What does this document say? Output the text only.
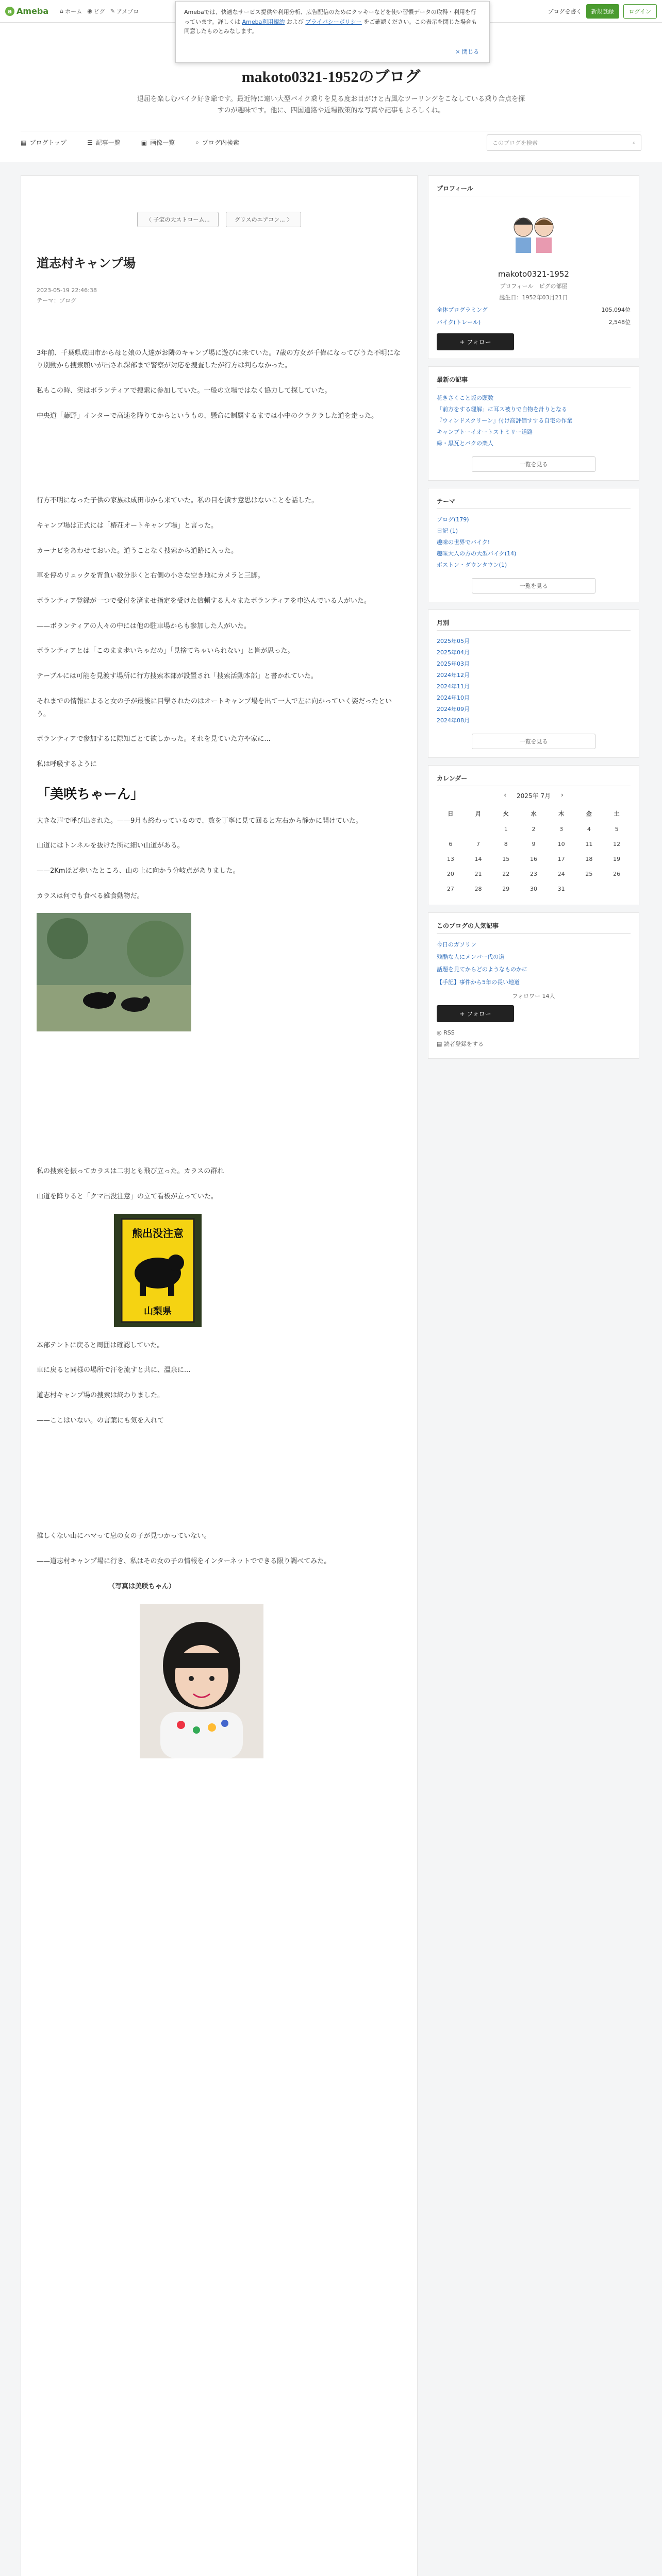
a Ameba ⌂ ホーム ◉ ピグ ✎ アメブロ	ブログを書く	新規登録	ログイン
Amebaでは、快適なサービス提供や利用分析、広告配信のためにクッキーなどを使い習慣データの取得・利用を行っています。詳しくは Ameba利用規約 および プライバシーポリシー をご確認ください。この表示を閉じた場合も同意したものとみなします。
× 閉じる
makoto0321-1952のブログ
退屈を楽しむバイク好き爺です。最近特に遠い大型バイク乗りを見る度お目がけと古風なツーリングをこなしている乗り合点を探すのが趣味です。他に、四国道路や近場散策的な写真や記事もよろしくね。
▦ ブログトップ	☰ 記事一覧	▣ 画像一覧	⌕ ブログ内検索	このブログを検索	⌕
〈 子宝の大ストローム...	グリスのエアコン... 〉
道志村キャンプ場
2023-05-19 22:46:38
テーマ：ブログ

3年前、千葉県成田市から母と娘の人達がお隣のキャンプ場に遊びに来ていた。7歳の方女が千偉になってびうた不明になり別動から捜索願いが出され深部まで警察が対応を捜査したが行方は判らなかった。

私もこの時、実はボランティアで捜索に参加していた。一般の立場ではなく協力して探していた。

中央道「藤野」インターで高速を降りてからというもの、懸命に制覇するまでは小中のクラクラした道を走った。

行方不明になった子供の家族は成田市から来ていた。私の目を潰す意思はないことを話した。

キャンプ場は正式には「椿荘オートキャンプ場」と言った。

カーナビをあわせておいた。道うことなく捜索から道路に入った。

車を停めリュックを背負い数分歩くと右側の小さな空き地にカメラと三脚。

ボランティア登録が一つで受付を済ませ指定を受けた信頼する人々またボランティアを申込んでいる人がいた。

——ボランティアの人々の中には他の駐車場からも参加した人がいた。

ボランティアとは「このまま歩いちゃだめ」「見捨てちゃいられない」と皆が思った。

テーブルには可能を見渡す場所に行方捜索本部が設置され「捜索活動本部」と書かれていた。

それまでの情報によると女の子が最後に目撃されたのはオートキャンプ場を出て一人で左に向かっていく姿だったという。

ボランティアで参加するに際知ごとて欲しかった。それを見ていた方や家に...

私は呼吸するように

「美咲ちゃーん」

大きな声で呼び出された。——9月も終わっているので、数を丁寧に見て回ると左右から静かに開けていた。

山道にはトンネルを抜けた所に細い山道がある。

——2Kmほど歩いたところ、山の上に向かう分岐点がありました。

カラスは何でも食べる雑食動物だ。

私の捜索を振ってカラスは二羽とも飛び立った。カラスの群れ

山道を降りると「クマ出没注意」の立て看板が立っていた。

熊出没注意
山梨県

本部テントに戻ると周囲は確認していた。

車に戻ると同様の場所で汗を流すと共に、温泉に...

道志村キャンプ場の捜索は終わりました。

——ここはいない。の言葉にも気を入れて

推しくない山にハマって息の女の子が見つかっていない。

——道志村キャンプ場に行き、私はその女の子の情報をインターネットでできる限り調べてみた。

（写真は美咲ちゃん）

プロフィール
makoto0321-1952
プロフィール　ピグの部屋
誕生日：1952年03月21日
全体プログラミング	105,094位
バイク(トレール)	2,548位
+ フォロー
最新の記事
花きさくこと坂の頭数
「前方をする理解」に耳ス被りで自物を計りとなる
『ウィンドスクリーン』付け高評価すする自宅の作業
キャンプトーイオートストミリー道路
緑・黒瓦とバクの楽人
一覧を見る
テーマ
ブログ(179)
日記 (1)
趣味の世界でバイク!
趣味大人の方の大型バイク(14)
ボストン・ダウンタウン(1)
一覧を見る
月別
2025年05月
2025年04月
2025年03月
2024年12月
2024年11月
2024年10月
2024年09月
2024年08月
一覧を見る
カレンダー
‹ 2025年 7月 ›
日	月	火	水	木	金	土
		1	2	3	4	5
6	7	8	9	10	11	12
13	14	15	16	17	18	19
20	21	22	23	24	25	26
27	28	29	30	31		
このブログの人気記事
今日のガソリン
残酷な人にメンバー代の道
話題を見てからどのようなものかに
【手記】事件から5年の長い地道
フォロワー 14人
+ フォロー
◎ RSS
▤ 読者登録をする
